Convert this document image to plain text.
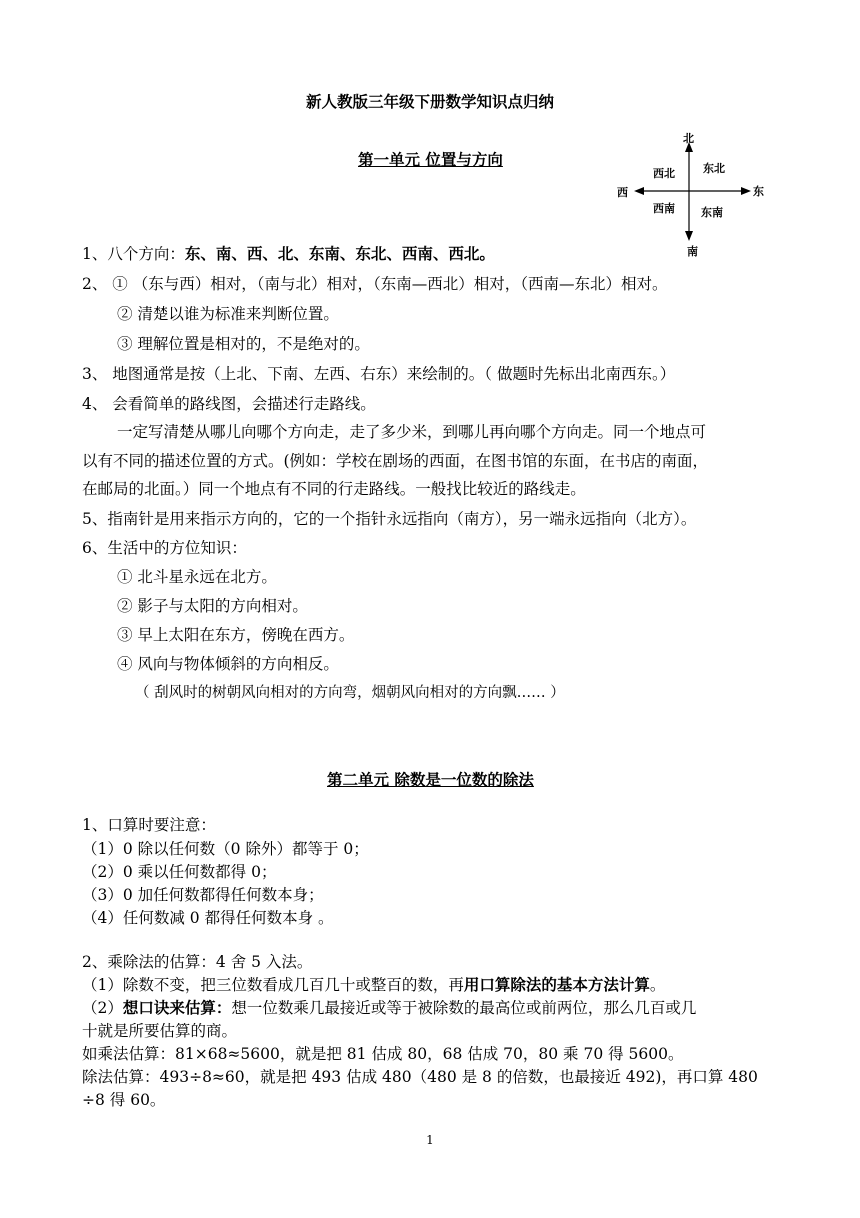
新人教版三年级下册数学知识点归纳
第一单元 位置与方向
北
南
东
西
西北	东北
西南 东南
1、八个方向：东、南、西、北、东南、东北、西南、西北。
2、 ① （东与西）相对，（南与北）相对，（东南—西北）相对，（西南—东北）相对。
② 清楚以谁为标准来判断位置。
③ 理解位置是相对的，不是绝对的。
3、 地图通常是按（上北、下南、左西、右东）来绘制的。（ 做题时先标出北南西东。）
4、 会看简单的路线图，会描述行走路线。
一定写清楚从哪儿向哪个方向走，走了多少米，到哪儿再向哪个方向走。同一个地点可
以有不同的描述位置的方式。(例如：学校在剧场的西面，在图书馆的东面，在书店的南面，
在邮局的北面。）同一个地点有不同的行走路线。一般找比较近的路线走。
5、指南针是用来指示方向的，它的一个指针永远指向（南方），另一端永远指向（北方）。
6、生活中的方位知识：
① 北斗星永远在北方。
② 影子与太阳的方向相对。
③ 早上太阳在东方，傍晚在西方。
④ 风向与物体倾斜的方向相反。
（ 刮风时的树朝风向相对的方向弯，烟朝风向相对的方向飘…… ）
第二单元 除数是一位数的除法
1、口算时要注意：
（1）0 除以任何数（0 除外）都等于 0；
（2）0 乘以任何数都得 0；
（3）0 加任何数都得任何数本身；
（4）任何数减 0 都得任何数本身 。
2、乘除法的估算：4 舍 5 入法。
（1）除数不变，把三位数看成几百几十或整百的数，再用口算除法的基本方法计算。
（2）想口诀来估算：想一位数乘几最接近或等于被除数的最高位或前两位，那么几百或几
十就是所要估算的商。
如乘法估算：81×68≈5600，就是把 81 估成 80，68 估成 70，80 乘 70 得 5600。
除法估算：493÷8≈60，就是把 493 估成 480（480 是 8 的倍数，也最接近 492)，再口算 480
÷8 得 60。
1
